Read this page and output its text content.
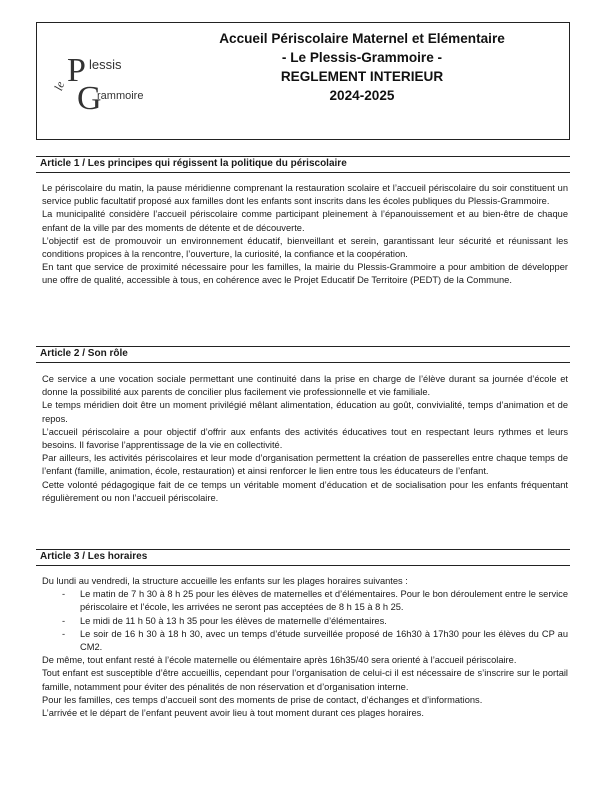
le P lessis
G
rammoire
Accueil Périscolaire Maternel et Elémentaire
- Le Plessis-Grammoire -
REGLEMENT INTERIEUR
2024-2025
Article 1 / Les principes qui régissent la politique du périscolaire

Le périscolaire du matin, la pause méridienne comprenant la restauration scolaire et l’accueil périscolaire du soir constituent un service public facultatif proposé aux familles dont les enfants sont inscrits dans les écoles publiques du Plessis-Grammoire.

La municipalité considère l’accueil périscolaire comme participant pleinement à l’épanouissement et au bien-être de chaque enfant de la ville par des moments de détente et de découverte.

L’objectif est de promouvoir un environnement éducatif, bienveillant et serein, garantissant leur sécurité et réunissant les conditions propices à la rencontre, l’ouverture, la curiosité, la confiance et la coopération.

En tant que service de proximité nécessaire pour les familles, la mairie du Plessis-Grammoire a pour ambition de développer une offre de qualité, accessible à tous, en cohérence avec le Projet Educatif De Territoire (PEDT) de la Commune.

Article 2 / Son rôle

Ce service a une vocation sociale permettant une continuité dans la prise en charge de l’élève durant sa journée d’école et donne la possibilité aux parents de concilier plus facilement vie professionnelle et vie familiale.

Le temps méridien doit être un moment privilégié mêlant alimentation, éducation au goût, convivialité, temps d’animation et de repos.

L’accueil périscolaire a pour objectif d’offrir aux enfants des activités éducatives tout en respectant leurs rythmes et leurs besoins. Il favorise l’apprentissage de la vie en collectivité.

Par ailleurs, les activités périscolaires et leur mode d’organisation permettent la création de passerelles entre chaque temps de l’enfant (famille, animation, école, restauration) et ainsi renforcer le lien entre tous les éducateurs de l’enfant.

Cette volonté pédagogique fait de ce temps un véritable moment d’éducation et de socialisation pour les enfants fréquentant régulièrement ou non l’accueil périscolaire.

Article 3 / Les horaires

Du lundi au vendredi, la structure accueille les enfants sur les plages horaires suivantes :

- Le matin de 7 h 30 à 8 h 25 pour les élèves de maternelles et d’élémentaires. Pour le bon déroulement entre le service périscolaire et l’école, les arrivées ne seront pas acceptées de 8 h 15 à 8 h 25.
- Le midi de 11 h 50 à 13 h 35 pour les élèves de maternelle d’élémentaires.
- Le soir de 16 h 30 à 18 h 30, avec un temps d’étude surveillée proposé de 16h30 à 17h30 pour les élèves du CP au CM2.

De même, tout enfant resté à l’école maternelle ou élémentaire après 16h35/40 sera orienté à l’accueil périscolaire.

Tout enfant est susceptible d’être accueillis, cependant pour l’organisation de celui-ci il est nécessaire de s’inscrire sur le portail famille, notamment pour éviter des pénalités de non réservation et d’organisation interne.

Pour les familles, ces temps d’accueil sont des moments de prise de contact, d’échanges et d’informations.

L’arrivée et le départ de l’enfant peuvent avoir lieu à tout moment durant ces plages horaires.
